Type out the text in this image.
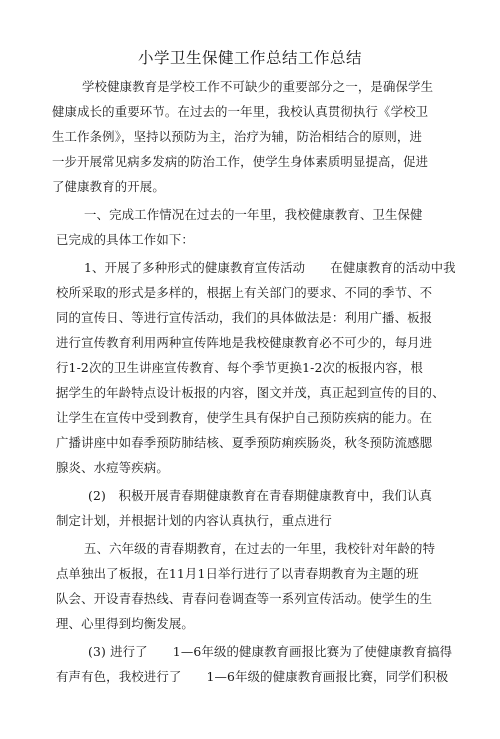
小学卫生保健工作总结工作总结
学校健康教育是学校工作不可缺少的重要部分之一，是确保学生
健康成长的重要环节。在过去的一年里，我校认真贯彻执行《学校卫
生工作条例》，坚持以预防为主，治疗为辅，防治相结合的原则，进
一步开展常见病多发病的防治工作，使学生身体素质明显提高，促进
了健康教育的开展。
一、完成工作情况在过去的一年里，我校健康教育、卫生保健
已完成的具体工作如下：
1、开展了多种形式的健康教育宣传活动　　在健康教育的活动中我
校所采取的形式是多样的，根据上有关部门的要求、不同的季节、不
同的宣传日、等进行宣传活动，我们的具体做法是：利用广播、板报
进行宣传教育利用两种宣传阵地是我校健康教育必不可少的，每月进
行1-2次的卫生讲座宣传教育、每个季节更换1-2次的板报内容，根
据学生的年龄特点设计板报的内容，图文并茂，真正起到宣传的目的、
让学生在宣传中受到教育，使学生具有保护自己预防疾病的能力。在
广播讲座中如春季预防肺结核、夏季预防痢疾肠炎，秋冬预防流感腮
腺炎、水痘等疾病。
(2)　积极开展青春期健康教育在青春期健康教育中，我们认真
制定计划，并根据计划的内容认真执行，重点进行
五、六年级的青春期教育，在过去的一年里，我校针对年龄的特
点单独出了板报，在11月1日举行进行了以青春期教育为主题的班
队会、开设青春热线、青春问卷调查等一系列宣传活动。使学生的生
理、心里得到均衡发展。
(3) 进行了　　1—6年级的健康教育画报比赛为了使健康教育搞得
有声有色，我校进行了　　1—6年级的健康教育画报比赛，同学们积极
